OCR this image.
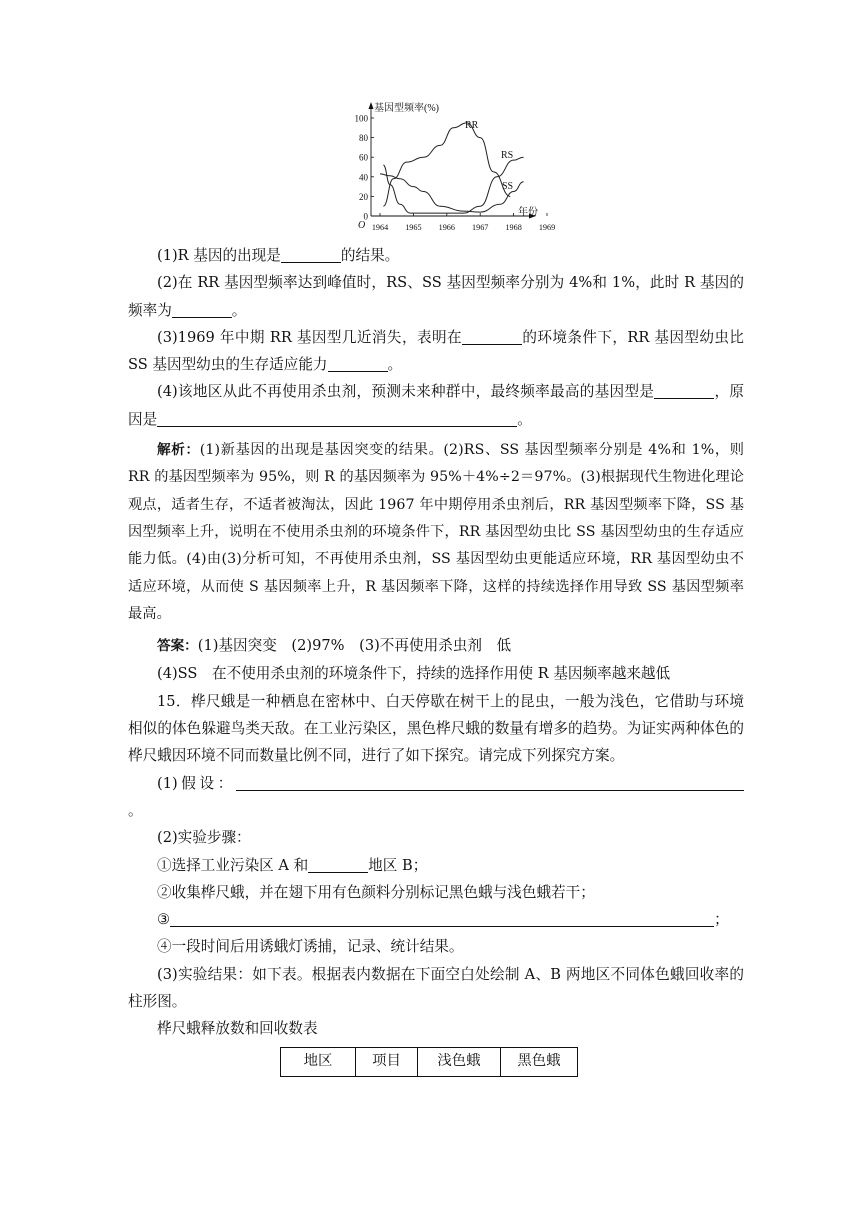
基因型频率(%)
年份
O
0
20
40
60
80
100
1964 1965 1966 1967 1968 1969
RR
RS
SS

(1)R 基因的出现是	的结果。

(2)在 RR 基因型频率达到峰值时，RS、SS 基因型频率分别为 4%和 1%，此时 R 基因的频率为	。

(3)1969 年中期 RR 基因型几近消失，表明在	的环境条件下，RR 基因型幼虫比 SS 基因型幼虫的生存适应能力	。

(4)该地区从此不再使用杀虫剂，预测未来种群中，最终频率最高的基因型是	，原因是	。

解析：(1)新基因的出现是基因突变的结果。(2)RS、SS 基因型频率分别是 4%和 1%，则 RR 的基因型频率为 95%，则 R 的基因频率为 95%＋4%÷2＝97%。(3)根据现代生物进化理论观点，适者生存，不适者被淘汰，因此 1967 年中期停用杀虫剂后，RR 基因型频率下降，SS 基因型频率上升，说明在不使用杀虫剂的环境条件下，RR 基因型幼虫比 SS 基因型幼虫的生存适应能力低。(4)由(3)分析可知，不再使用杀虫剂，SS 基因型幼虫更能适应环境，RR 基因型幼虫不适应环境，从而使 S 基因频率上升，R 基因频率下降，这样的持续选择作用导致 SS 基因型频率最高。

答案：(1)基因突变　(2)97%　(3)不再使用杀虫剂　低

(4)SS　在不使用杀虫剂的环境条件下，持续的选择作用使 R 基因频率越来越低

15．桦尺蛾是一种栖息在密林中、白天停歇在树干上的昆虫，一般为浅色，它借助与环境相似的体色躲避鸟类天敌。在工业污染区，黑色桦尺蛾的数量有增多的趋势。为证实两种体色的桦尺蛾因环境不同而数量比例不同，进行了如下探究。请完成下列探究方案。

(1)假设：。

(2)实验步骤：

①选择工业污染区 A 和	地区 B；

②收集桦尺蛾，并在翅下用有色颜料分别标记黑色蛾与浅色蛾若干；

③	；

④一段时间后用诱蛾灯诱捕，记录、统计结果。

(3)实验结果：如下表。根据表内数据在下面空白处绘制 A、B 两地区不同体色蛾回收率的柱形图。

桦尺蛾释放数和回收数表

地区	项目	浅色蛾	黑色蛾
